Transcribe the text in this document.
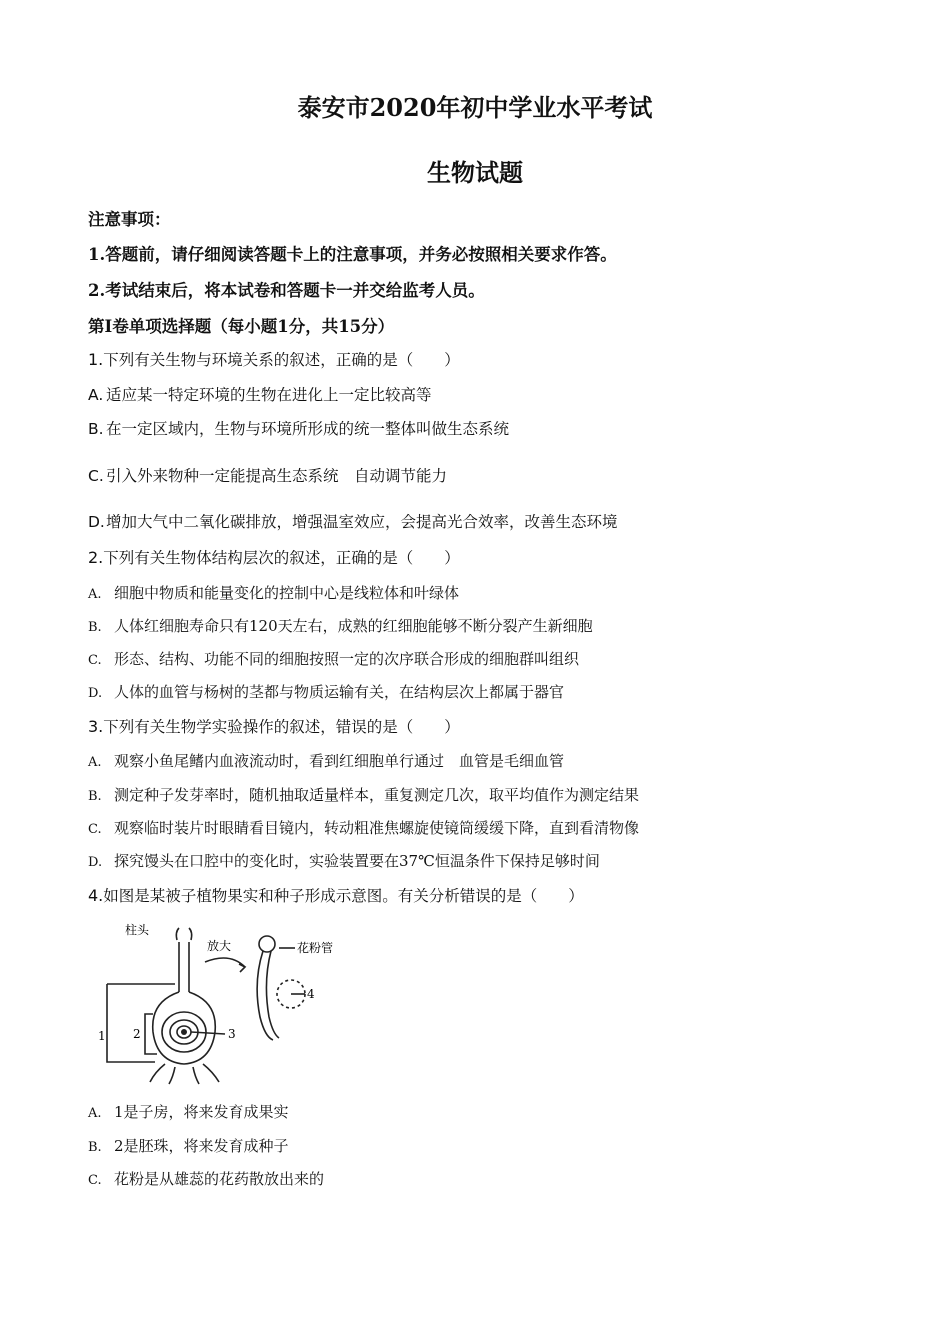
泰安市2020年初中学业水平考试
生物试题
注意事项：
1.答题前，请仔细阅读答题卡上的注意事项，并务必按照相关要求作答。
2.考试结束后，将本试卷和答题卡一并交给监考人员。
第Ⅰ卷单项选择题（每小题1分，共15分）
1.下列有关生物与环境关系的叙述，正确的是（　　）
A. 适应某一特定环境的生物在进化上一定比较高等
B. 在一定区域内，生物与环境所形成的统一整体叫做生态系统
C. 引入外来物种一定能提高生态系统　自动调节能力
D.增加大气中二氧化碳排放，增强温室效应，会提高光合效率，改善生态环境
2.下列有关生物体结构层次的叙述，正确的是（　　）
A. 细胞中物质和能量变化的控制中心是线粒体和叶绿体
B. 人体红细胞寿命只有120天左右，成熟的红细胞能够不断分裂产生新细胞
C. 形态、结构、功能不同的细胞按照一定的次序联合形成的细胞群叫组织
D. 人体的血管与杨树的茎都与物质运输有关，在结构层次上都属于器官
3.下列有关生物学实验操作的叙述，错误的是（　　）
A. 观察小鱼尾鳍内血液流动时，看到红细胞单行通过　血管是毛细血管
B. 测定种子发芽率时，随机抽取适量样本，重复测定几次，取平均值作为测定结果
C. 观察临时装片时眼睛看目镜内，转动粗准焦螺旋使镜筒缓缓下降，直到看清物像
D. 探究馒头在口腔中的变化时，实验装置要在37℃恒温条件下保持足够时间
4.如图是某被子植物果实和种子形成示意图。有关分析错误的是（　　）
柱头
放大	花粉管
1 2	3
4
A. 1是子房，将来发育成果实
B. 2是胚珠，将来发育成种子
C. 花粉是从雄蕊的花药散放出来的
